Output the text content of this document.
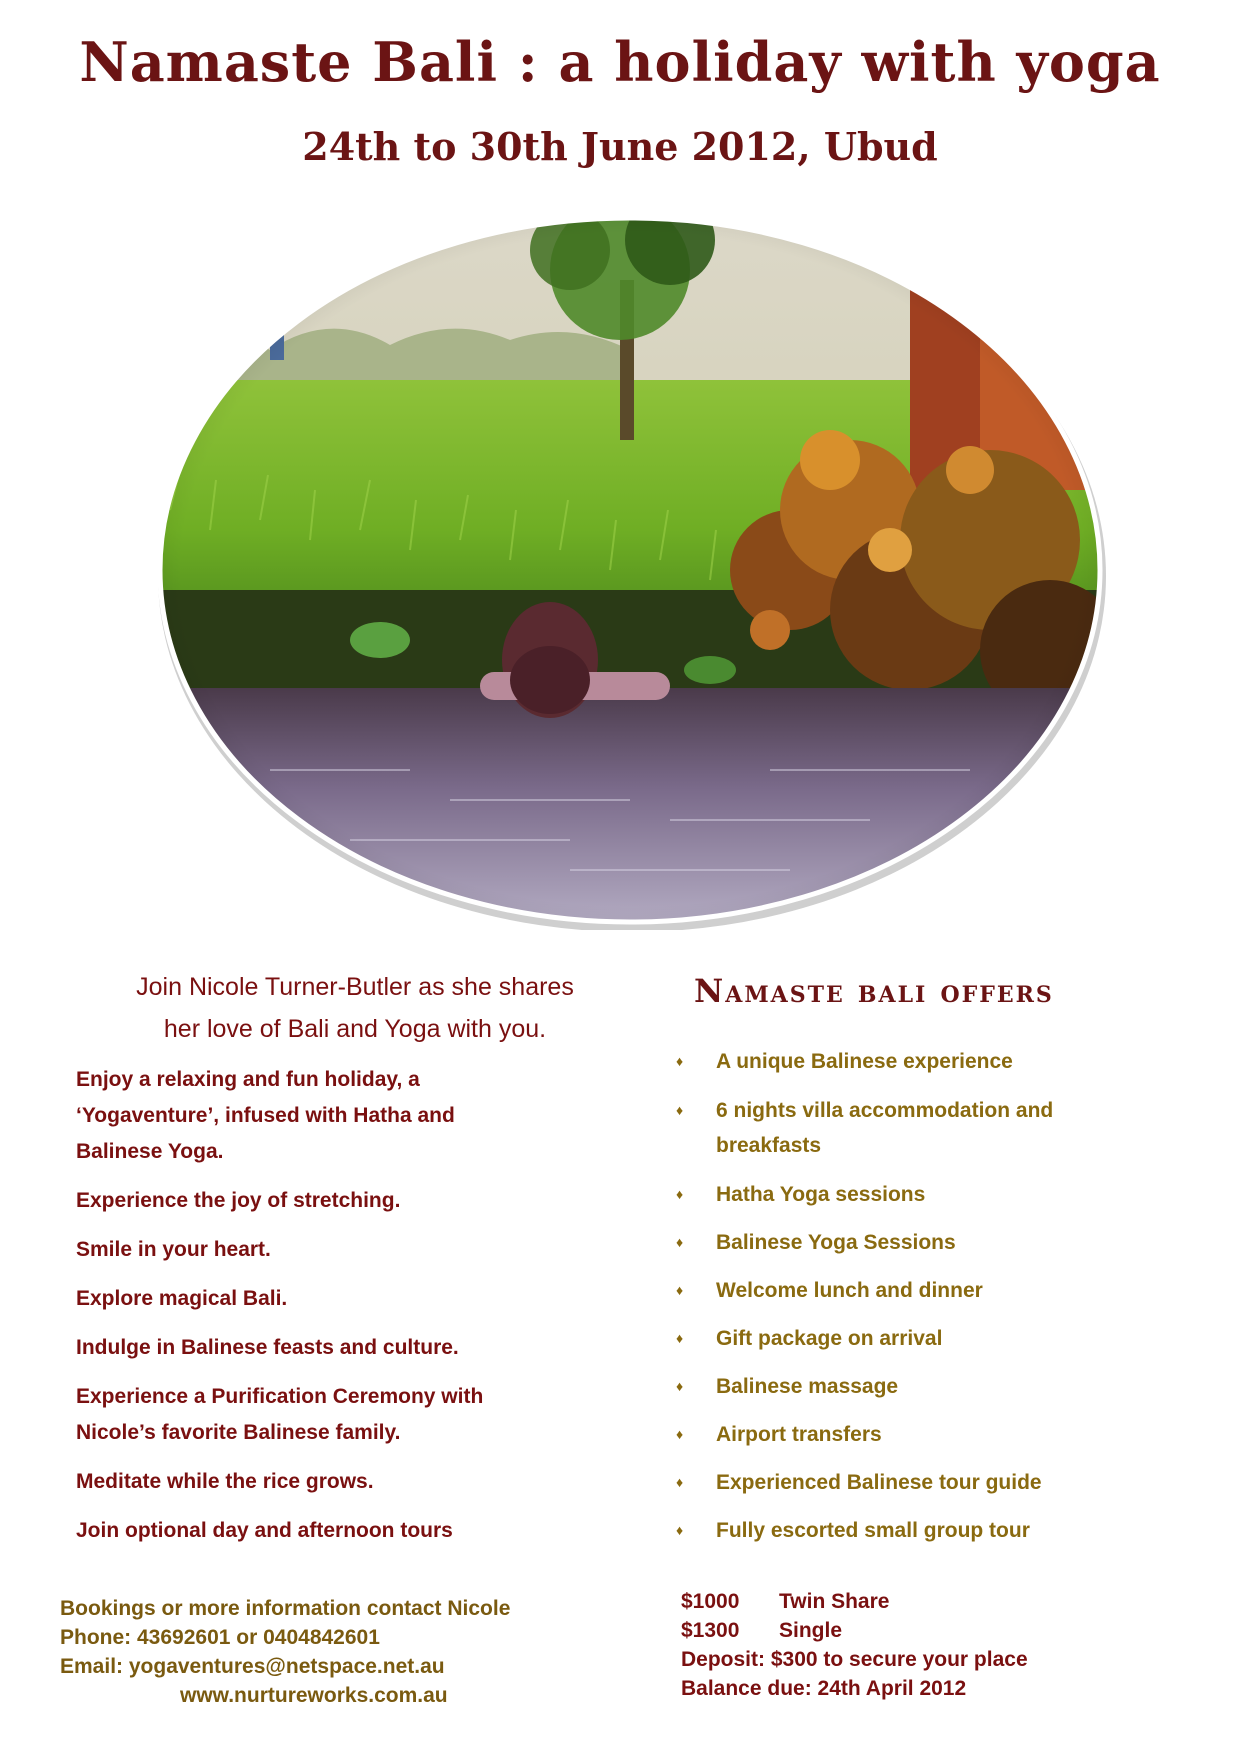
Namaste Bali : a holiday with yoga
24th to 30th June 2012, Ubud
Join Nicole Turner-Butler as she shares
her love of Bali and Yoga with you.

Enjoy a relaxing and fun holiday, a

‘Yogaventure’, infused with Hatha and

Balinese Yoga.

Experience the joy of stretching.

Smile in your heart.

Explore magical Bali.

Indulge in Balinese feasts and culture.

Experience a Purification Ceremony with

Nicole’s favorite Balinese family.

Meditate while the rice grows.

Join optional day and afternoon tours

Namaste bali offers
♦ A unique Balinese experience
♦ 6 nights villa accommodation and
breakfasts
♦ Hatha Yoga sessions
♦ Balinese Yoga Sessions
♦ Welcome lunch and dinner
♦ Gift package on arrival
♦ Balinese massage
♦ Airport transfers
♦ Experienced Balinese tour guide
♦ Fully escorted small group tour
Bookings or more information contact Nicole
Phone: 43692601 or 0404842601
Email: yogaventures@netspace.net.au
www.nurtureworks.com.au
$1000 Twin Share
$1300 Single
Deposit: $300 to secure your place
Balance due: 24th April 2012
